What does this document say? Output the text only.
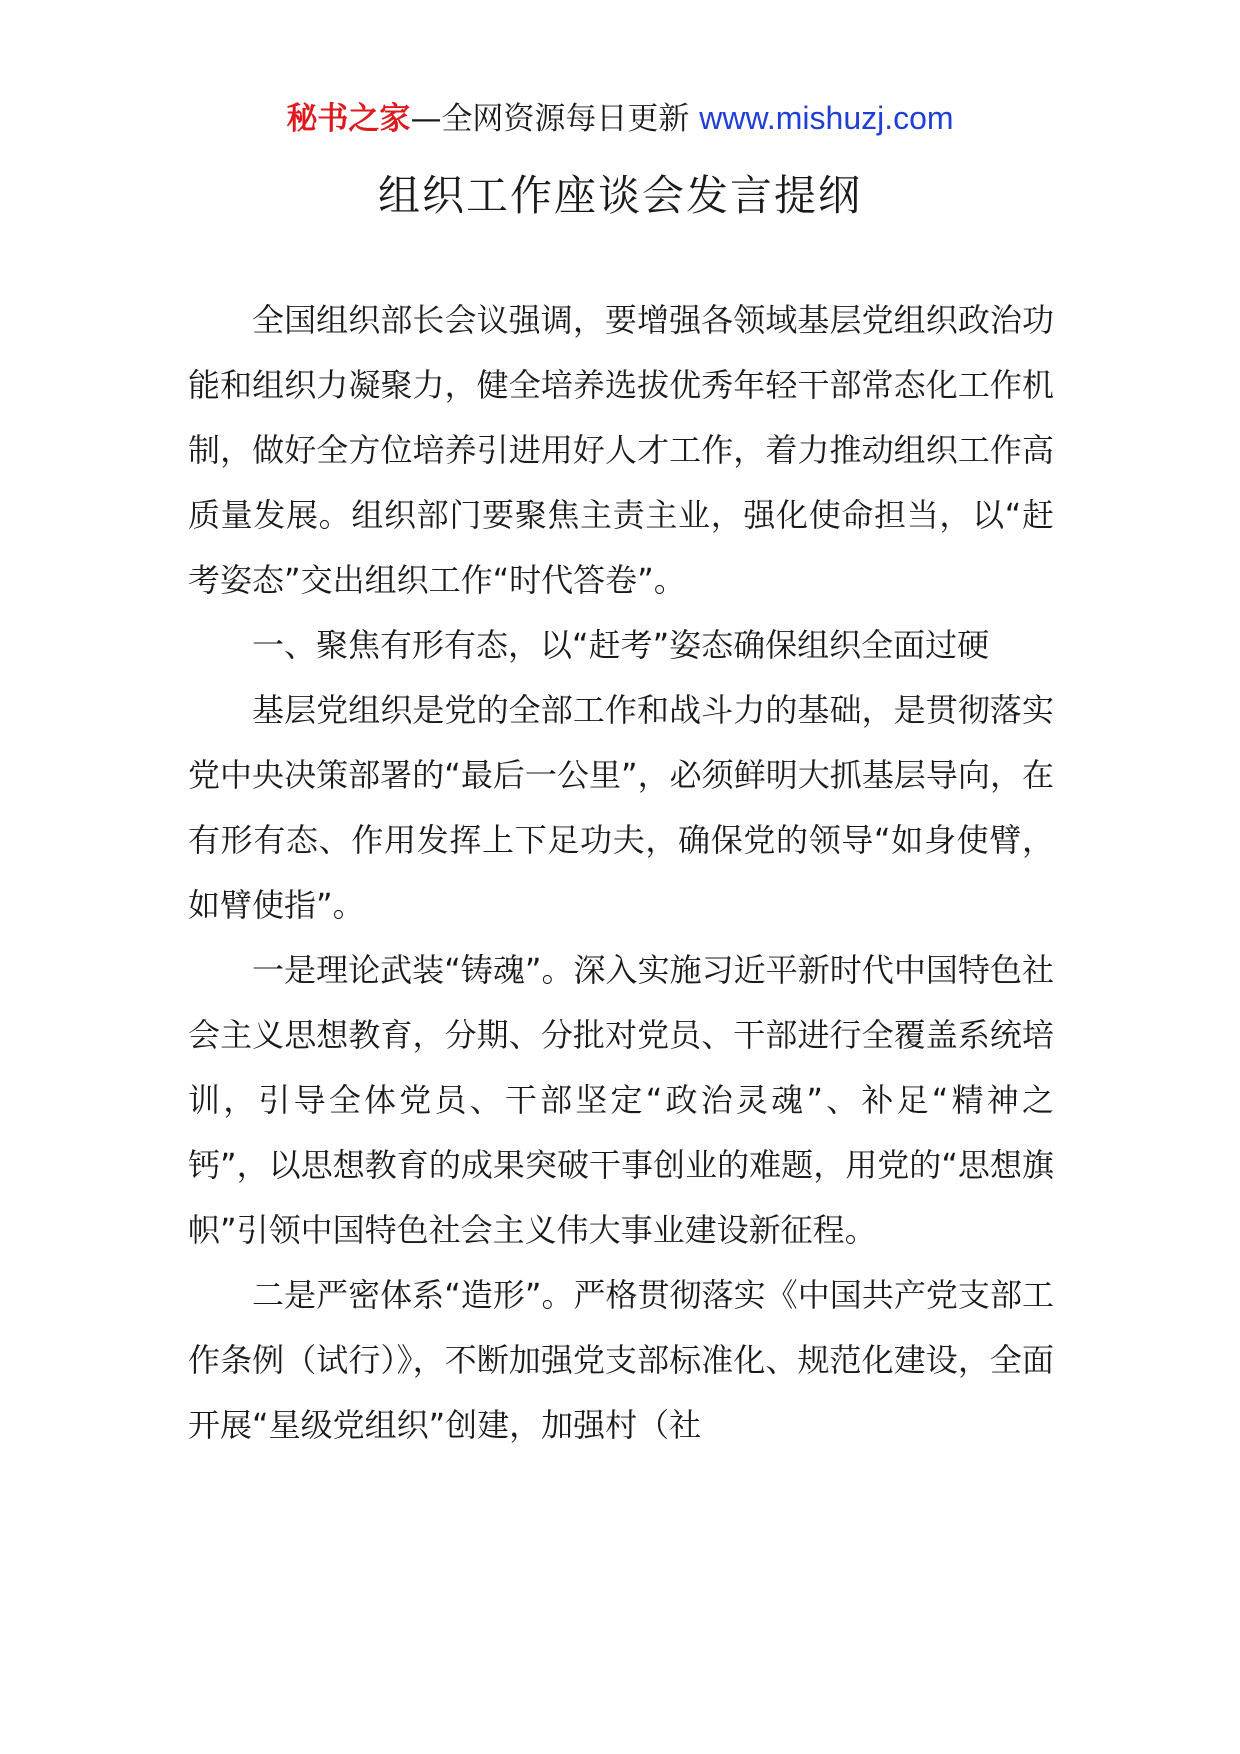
秘书之家—全网资源每日更新 www.mishuzj.com
组织工作座谈会发言提纲

全国组织部长会议强调，要增强各领域基层党组织政治功能和组织力凝聚力，健全培养选拔优秀年轻干部常态化工作机制，做好全方位培养引进用好人才工作，着力推动组织工作高质量发展。组织部门要聚焦主责主业，强化使命担当，以“赶考姿态”交出组织工作“时代答卷”。

一、聚焦有形有态，以“赶考”姿态确保组织全面过硬

基层党组织是党的全部工作和战斗力的基础，是贯彻落实党中央决策部署的“最后一公里”，必须鲜明大抓基层导向，在有形有态、作用发挥上下足功夫，确保党的领导“如身使臂，如臂使指”。

一是理论武装“铸魂”。深入实施习近平新时代中国特色社会主义思想教育，分期、分批对党员、干部进行全覆盖系统培训，引导全体党员、干部坚定“政治灵魂”、补足“精神之钙”，以思想教育的成果突破干事创业的难题，用党的“思想旗帜”引领中国特色社会主义伟大事业建设新征程。

二是严密体系“造形”。严格贯彻落实《中国共产党支部工作条例（试行）》，不断加强党支部标准化、规范化建设，全面开展“星级党组织”创建，加强村（社
